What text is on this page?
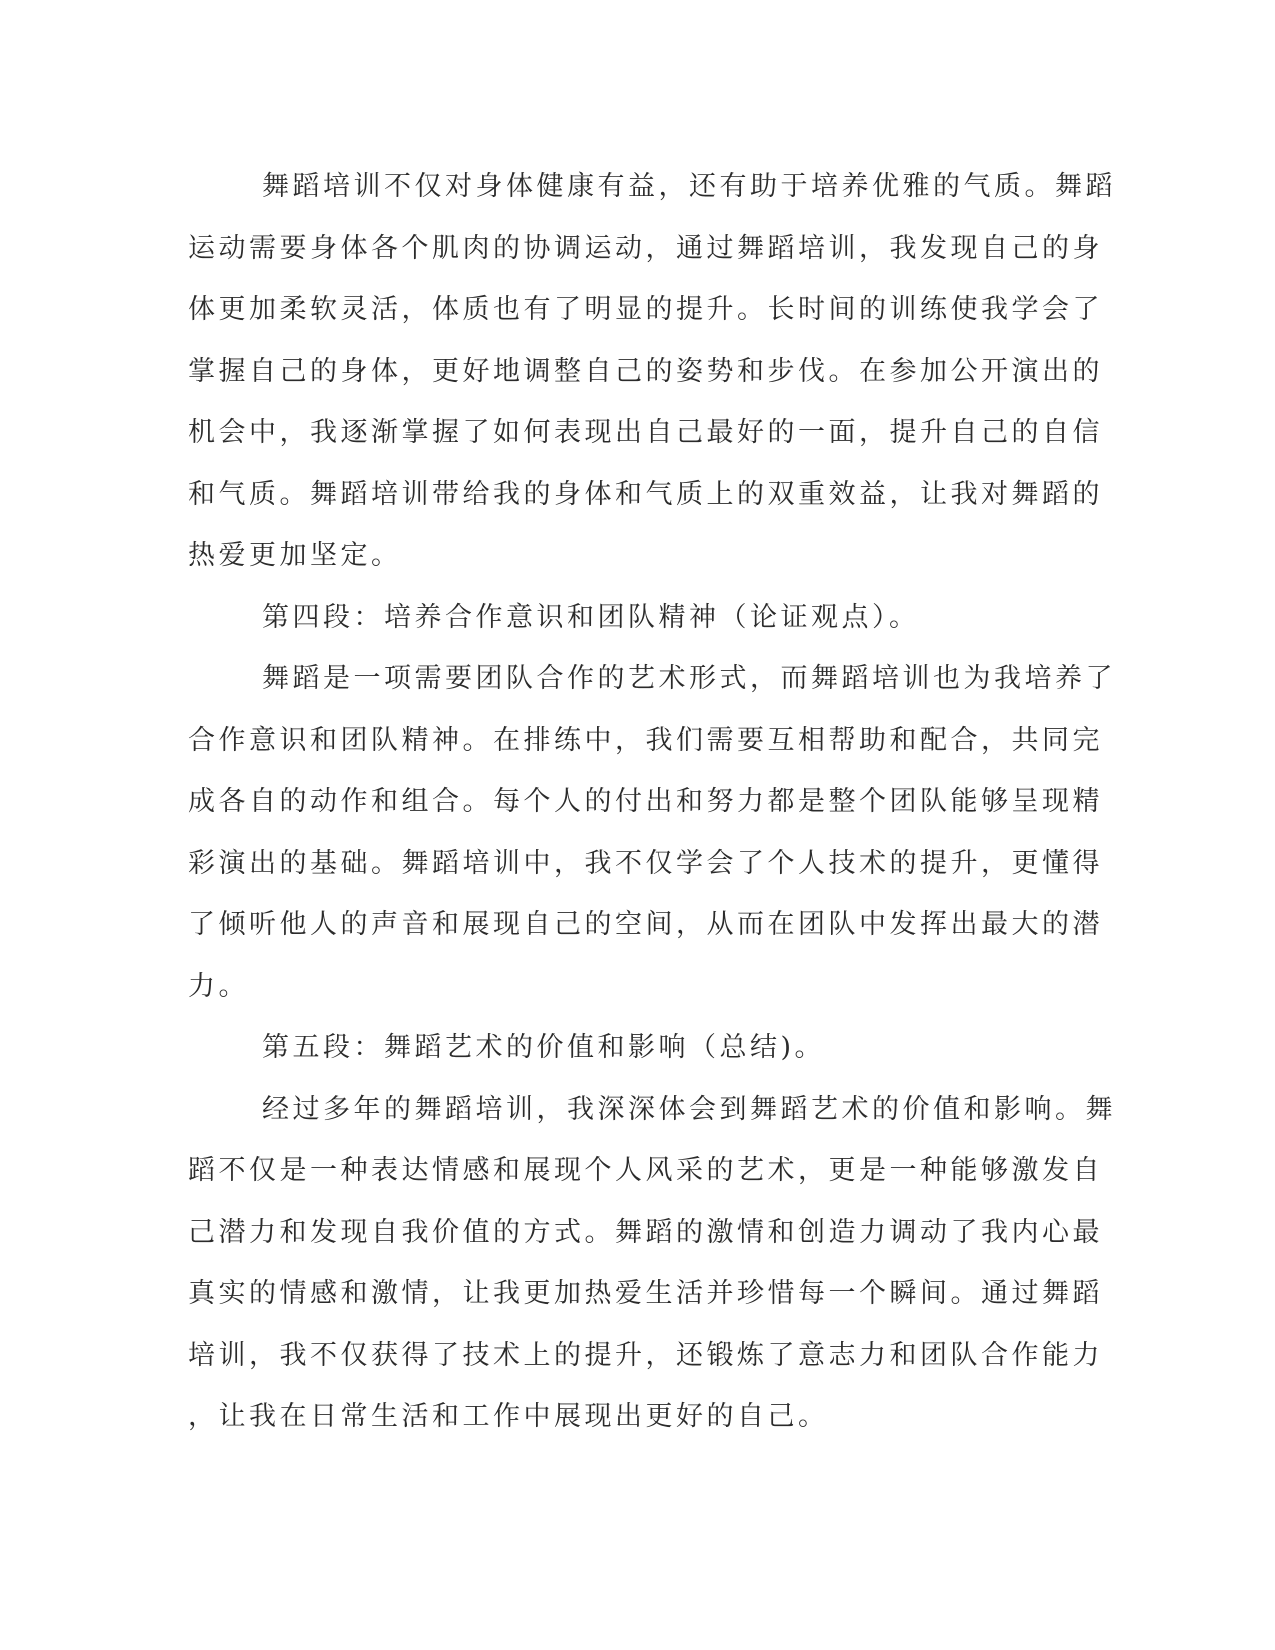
舞蹈培训不仅对身体健康有益，还有助于培养优雅的气质。舞蹈
运动需要身体各个肌肉的协调运动，通过舞蹈培训，我发现自己的身
体更加柔软灵活，体质也有了明显的提升。长时间的训练使我学会了
掌握自己的身体，更好地调整自己的姿势和步伐。在参加公开演出的
机会中，我逐渐掌握了如何表现出自己最好的一面，提升自己的自信
和气质。舞蹈培训带给我的身体和气质上的双重效益，让我对舞蹈的
热爱更加坚定。
第四段：培养合作意识和团队精神（论证观点）。
舞蹈是一项需要团队合作的艺术形式，而舞蹈培训也为我培养了
合作意识和团队精神。在排练中，我们需要互相帮助和配合，共同完
成各自的动作和组合。每个人的付出和努力都是整个团队能够呈现精
彩演出的基础。舞蹈培训中，我不仅学会了个人技术的提升，更懂得
了倾听他人的声音和展现自己的空间，从而在团队中发挥出最大的潜
力。
第五段：舞蹈艺术的价值和影响（总结)。
经过多年的舞蹈培训，我深深体会到舞蹈艺术的价值和影响。舞
蹈不仅是一种表达情感和展现个人风采的艺术，更是一种能够激发自
己潜力和发现自我价值的方式。舞蹈的激情和创造力调动了我内心最
真实的情感和激情，让我更加热爱生活并珍惜每一个瞬间。通过舞蹈
培训，我不仅获得了技术上的提升，还锻炼了意志力和团队合作能力
，让我在日常生活和工作中展现出更好的自己。
